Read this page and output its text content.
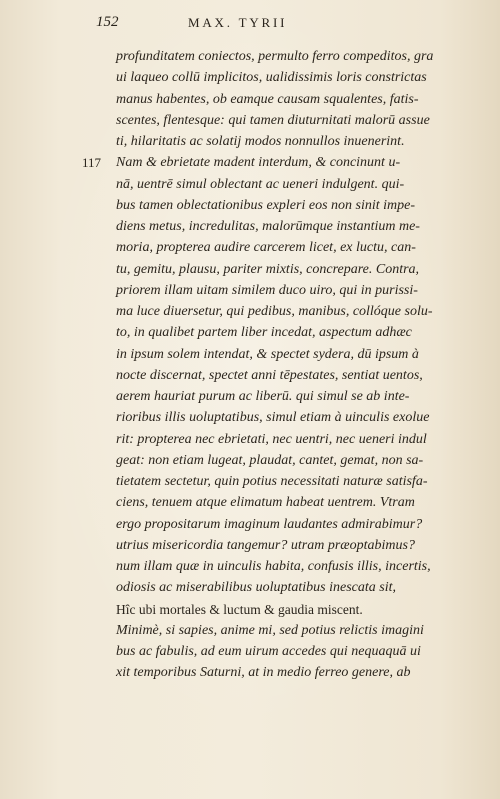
152	MAX. TYRII
profunditatem coniectos, permulto ferro compeditos, gra
ui laqueo collū implicitos, ualidissimis loris constrictas
manus habentes, ob eamque causam squalentes, fatis-
scentes, flentesque: qui tamen diuturnitati malorū assue
ti, hilaritatis ac solatij modos nonnullos inuenerint.
117 Nam & ebrietate madent interdum, & concinunt u-
nā, uentrē simul oblectant ac ueneri indulgent. qui-
bus tamen oblectationibus expleri eos non sinit impe-
diens metus, incredulitas, malorūmque instantium me-
moria, propterea audire carcerem licet, ex luctu, can-
tu, gemitu, plausu, pariter mixtis, concrepare. Contra,
priorem illam uitam similem duco uiro, qui in purissi-
ma luce diuersetur, qui pedibus, manibus, collóque solu-
to, in qualibet partem liber incedat, aspectum adhæc
in ipsum solem intendat, & spectet sydera, dū ipsum à
nocte discernat, spectet anni tēpestates, sentiat uentos,
aerem hauriat purum ac liberū. qui simul se ab inte-
rioribus illis uoluptatibus, simul etiam à uinculis exolue
rit: propterea nec ebrietati, nec uentri, nec ueneri indul
geat: non etiam lugeat, plaudat, cantet, gemat, non sa-
tietatem sectetur, quin potius necessitati naturæ satisfa-
ciens, tenuem atque elimatum habeat uentrem. Vtram
ergo propositarum imaginum laudantes admirabimur?
utrius misericordia tangemur? utram præoptabimus?
num illam quæ in uinculis habita, confusis illis, incertis,
odiosis ac miserabilibus uoluptatibus inescata sit,
Hîc ubi mortales & luctum & gaudia miscent.
Minimè, si sapies, anime mi, sed potius relictis imagini
bus ac fabulis, ad eum uirum accedes qui nequaquā ui
xit temporibus Saturni, at in medio ferreo genere, ab
